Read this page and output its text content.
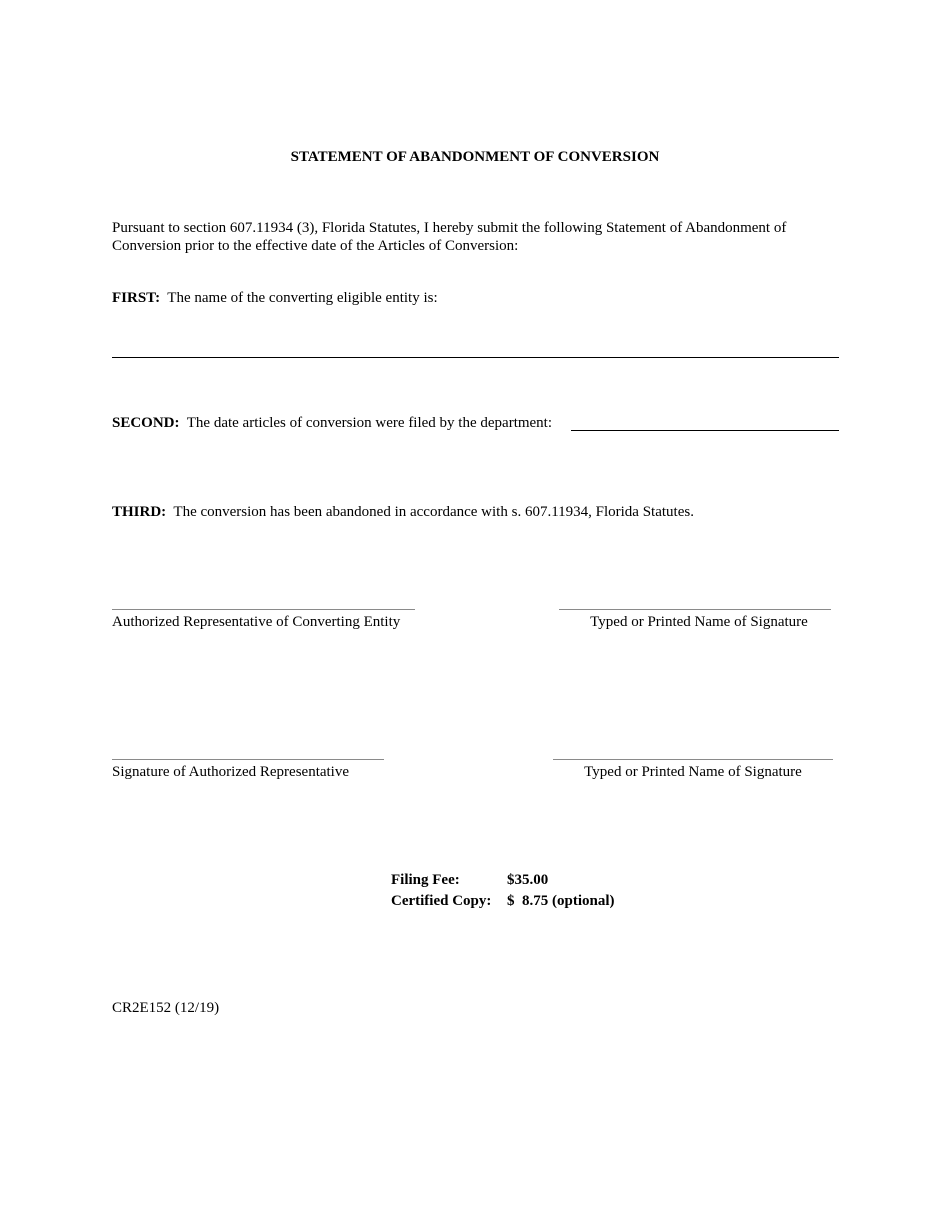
STATEMENT OF ABANDONMENT OF CONVERSION
Pursuant to section 607.11934 (3), Florida Statutes, I hereby submit the following Statement of Abandonment of
Conversion prior to the effective date of the Articles of Conversion:
FIRST: The name of the converting eligible entity is:
SECOND: The date articles of conversion were filed by the department:
THIRD: The conversion has been abandoned in accordance with s. 607.11934, Florida Statutes.
Authorized Representative of Converting Entity	Typed or Printed Name of Signature
Signature of Authorized Representative	Typed or Printed Name of Signature
Filing Fee:	$35.00
Certified Copy: $  8.75 (optional)
CR2E152 (12/19)
